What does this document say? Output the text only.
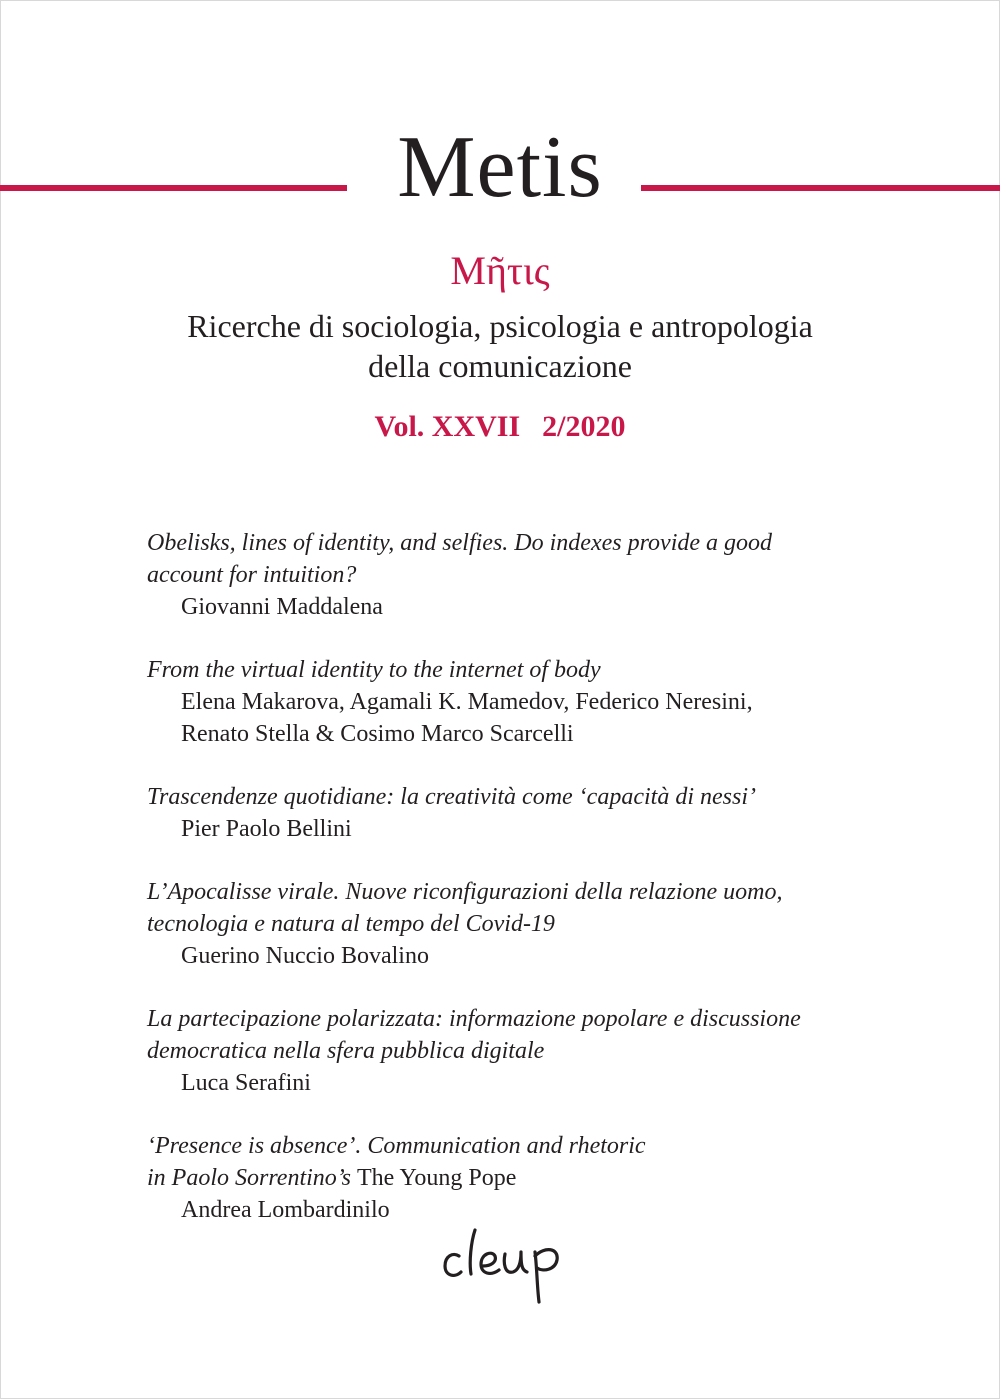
Metis
Μῆτις
Ricerche di sociologia, psicologia e antropologia
della comunicazione
Vol. XXVII 2/2020
Obelisks, lines of identity, and selfies. Do indexes provide a good
account for intuition?
Giovanni Maddalena
From the virtual identity to the internet of body
Elena Makarova, Agamali K. Mamedov, Federico Neresini,
Renato Stella & Cosimo Marco Scarcelli
Trascendenze quotidiane: la creatività come ‘capacità di nessi’
Pier Paolo Bellini
L’Apocalisse virale. Nuove riconfigurazioni della relazione uomo,
tecnologia e natura al tempo del Covid-19
Guerino Nuccio Bovalino
La partecipazione polarizzata: informazione popolare e discussione
democratica nella sfera pubblica digitale
Luca Serafini
‘Presence is absence’. Communication and rhetoric
in Paolo Sorrentino’s The Young Pope
Andrea Lombardinilo
